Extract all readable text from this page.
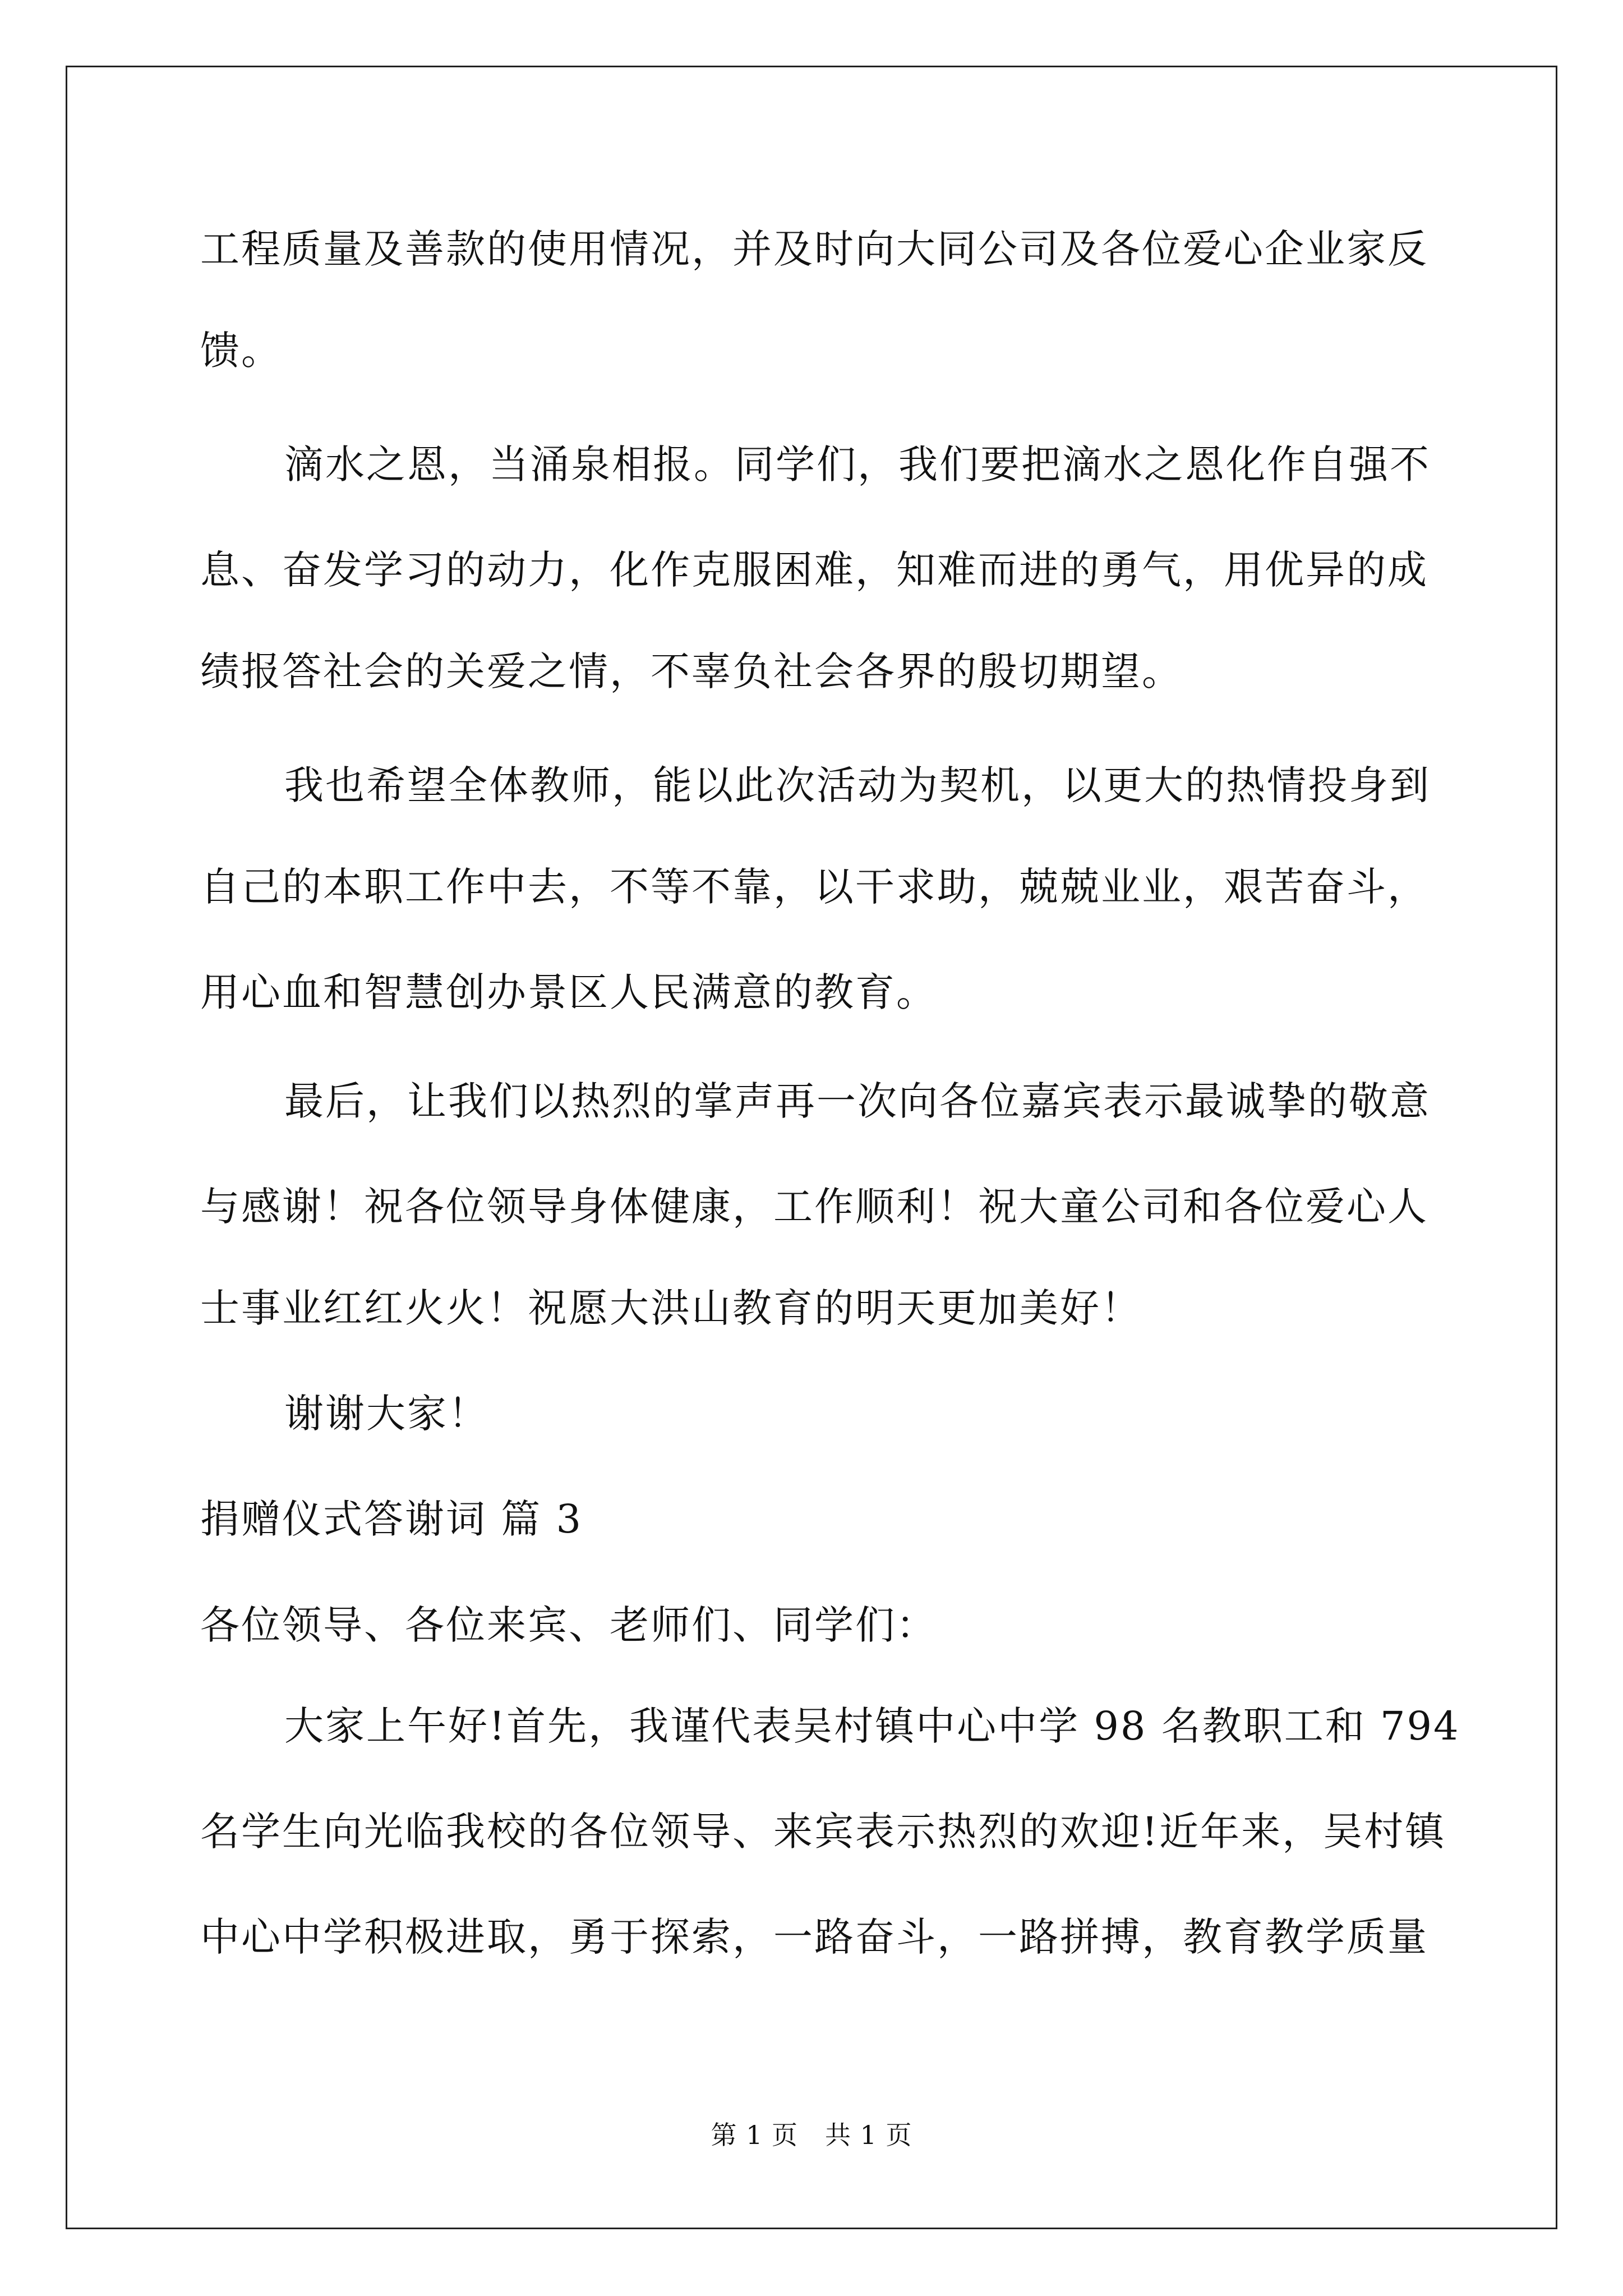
工程质量及善款的使用情况，并及时向大同公司及各位爱心企业家反

馈。

滴水之恩，当涌泉相报。同学们，我们要把滴水之恩化作自强不

息、奋发学习的动力，化作克服困难，知难而进的勇气，用优异的成

绩报答社会的关爱之情，不辜负社会各界的殷切期望。

我也希望全体教师，能以此次活动为契机，以更大的热情投身到

自己的本职工作中去，不等不靠，以干求助，兢兢业业，艰苦奋斗，

用心血和智慧创办景区人民满意的教育。

最后，让我们以热烈的掌声再一次向各位嘉宾表示最诚挚的敬意

与感谢！祝各位领导身体健康，工作顺利！祝大童公司和各位爱心人

士事业红红火火！祝愿大洪山教育的明天更加美好！

谢谢大家！

捐赠仪式答谢词 篇 3

各位领导、各位来宾、老师们、同学们：

大家上午好!首先，我谨代表吴村镇中心中学 98 名教职工和 794

名学生向光临我校的各位领导、来宾表示热烈的欢迎!近年来，吴村镇

中心中学积极进取，勇于探索，一路奋斗，一路拼搏，教育教学质量

第 1 页 共 1 页
